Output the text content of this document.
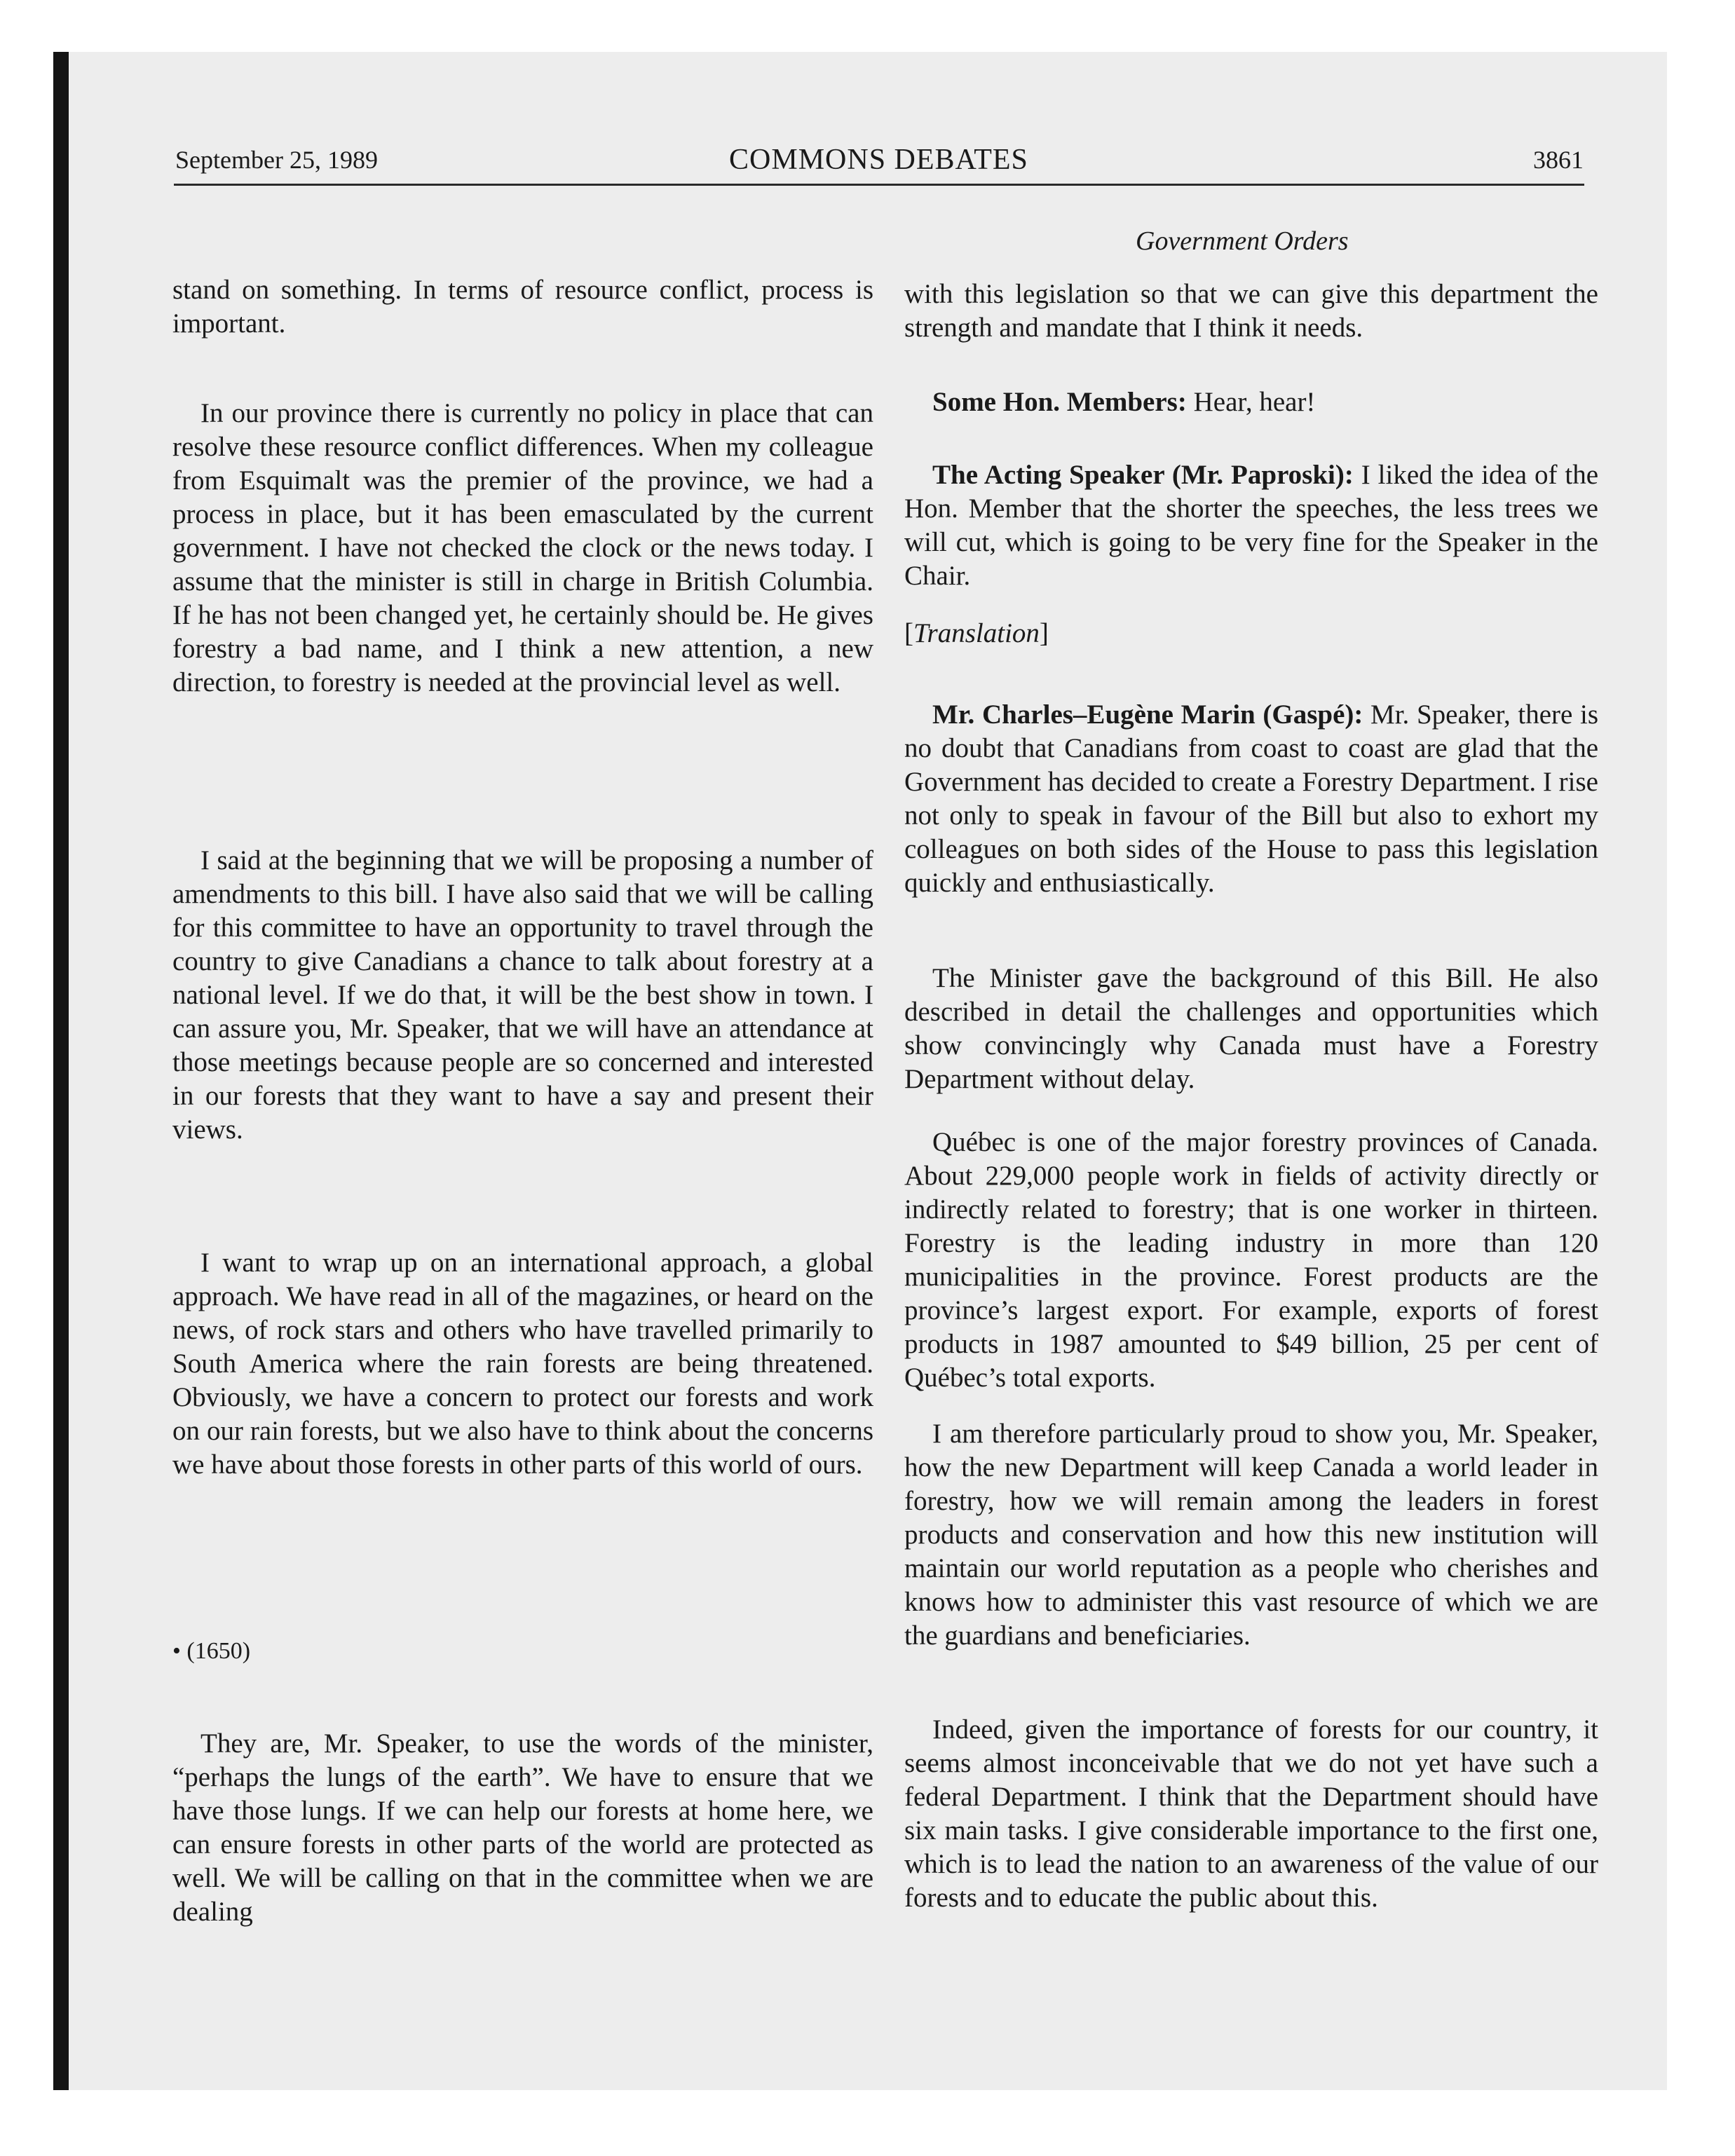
September 25, 1989	COMMONS DEBATES	3861
Government Orders

stand on something. In terms of resource conflict, process is important.

In our province there is currently no policy in place that can resolve these resource conflict differences. When my colleague from Esquimalt was the premier of the province, we had a process in place, but it has been emasculated by the current government. I have not checked the clock or the news today. I assume that the minister is still in charge in British Columbia. If he has not been changed yet, he certainly should be. He gives forestry a bad name, and I think a new attention, a new direction, to forestry is needed at the provincial level as well.

I said at the beginning that we will be proposing a number of amendments to this bill. I have also said that we will be calling for this committee to have an opportunity to travel through the country to give Canadians a chance to talk about forestry at a national level. If we do that, it will be the best show in town. I can assure you, Mr. Speaker, that we will have an attendance at those meetings because people are so concerned and interested in our forests that they want to have a say and present their views.

I want to wrap up on an international approach, a global approach. We have read in all of the magazines, or heard on the news, of rock stars and others who have travelled primarily to South America where the rain forests are being threatened. Obviously, we have a concern to protect our forests and work on our rain forests, but we also have to think about the concerns we have about those forests in other parts of this world of ours.

• (1650)

They are, Mr. Speaker, to use the words of the minister, “perhaps the lungs of the earth”. We have to ensure that we have those lungs. If we can help our forests at home here, we can ensure forests in other parts of the world are protected as well. We will be calling on that in the committee when we are dealing

with this legislation so that we can give this department the strength and mandate that I think it needs.

Some Hon. Members: Hear, hear!

The Acting Speaker (Mr. Paproski): I liked the idea of the Hon. Member that the shorter the speeches, the less trees we will cut, which is going to be very fine for the Speaker in the Chair.

[Translation]

Mr. Charles–Eugène Marin (Gaspé): Mr. Speaker, there is no doubt that Canadians from coast to coast are glad that the Government has decided to create a Forestry Department. I rise not only to speak in favour of the Bill but also to exhort my colleagues on both sides of the House to pass this legislation quickly and enthusiastically.

The Minister gave the background of this Bill. He also described in detail the challenges and opportunities which show convincingly why Canada must have a Forestry Department without delay.

Québec is one of the major forestry provinces of Canada. About 229,000 people work in fields of activity directly or indirectly related to forestry; that is one worker in thirteen. Forestry is the leading industry in more than 120 municipalities in the province. Forest products are the province’s largest export. For example, exports of forest products in 1987 amounted to $49 billion, 25 per cent of Québec’s total exports.

I am therefore particularly proud to show you, Mr. Speaker, how the new Department will keep Canada a world leader in forestry, how we will remain among the leaders in forest products and conservation and how this new institution will maintain our world reputation as a people who cherishes and knows how to administer this vast resource of which we are the guardians and beneficiaries.

Indeed, given the importance of forests for our country, it seems almost inconceivable that we do not yet have such a federal Department. I think that the Department should have six main tasks. I give considerable importance to the first one, which is to lead the nation to an awareness of the value of our forests and to educate the public about this.
